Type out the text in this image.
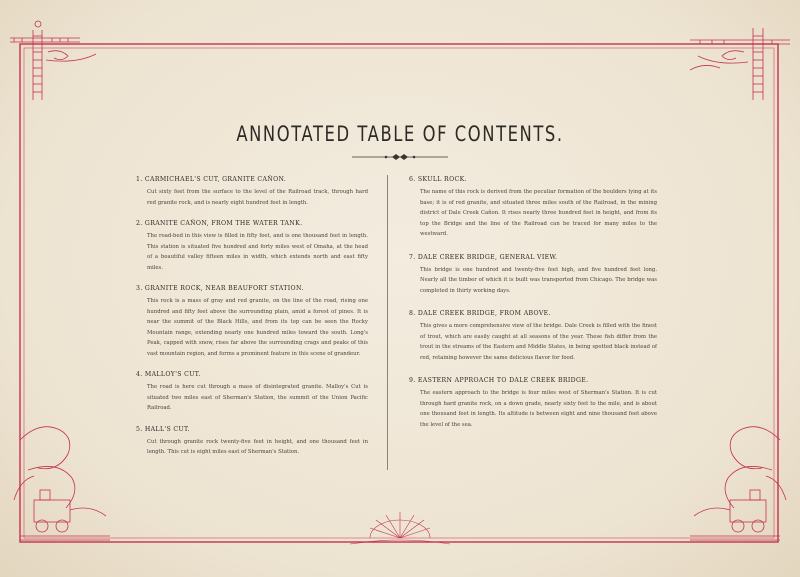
ANNOTATED TABLE OF CONTENTS.
1. CARMICHAEL'S CUT, GRANITE CAÑON.
Cut sixty feet from the surface to the level of the Railroad track, through hard red granite rock, and is nearly eight hundred feet in length.
2. GRANITE CAÑON, FROM THE WATER TANK.
The road-bed in this view is filled in fifty feet, and is one thousand feet in length. This station is situated five hundred and forty miles west of Omaha, at the head of a beautiful valley fifteen miles in width, which extends north and east fifty miles.
3. GRANITE ROCK, NEAR BEAUFORT STATION.
This rock is a mass of gray and red granite, on the line of the road, rising one hundred and fifty feet above the surrounding plain, amid a forest of pines. It is near the summit of the Black Hills, and from its top can be seen the Rocky Mountain range, extending nearly one hundred miles toward the south. Long's Peak, capped with snow, rises far above the surrounding crags and peaks of this vast mountain region, and forms a prominent feature in this scene of grandeur.
4. MALLOY'S CUT.
The road is here cut through a mass of disintegrated granite. Malloy's Cut is situated two miles east of Sherman's Station, the summit of the Union Pacific Railroad.
5. HALL'S CUT.
Cut through granite rock twenty-five feet in height, and one thousand feet in length. This cut is eight miles east of Sherman's Station.
6. SKULL ROCK.
The name of this rock is derived from the peculiar formation of the boulders lying at its base; it is of red granite, and situated three miles south of the Railroad, in the mining district of Dale Creek Cañon. It rises nearly three hundred feet in height, and from its top the Bridge and the line of the Railroad can be traced for many miles to the westward.
7. DALE CREEK BRIDGE, GENERAL VIEW.
This bridge is one hundred and twenty-five feet high, and five hundred feet long. Nearly all the timber of which it is built was transported from Chicago. The bridge was completed in thirty working days.
8. DALE CREEK BRIDGE, FROM ABOVE.
This gives a more comprehensive view of the bridge. Dale Creek is filled with the finest of trout, which are easily caught at all seasons of the year. These fish differ from the trout in the streams of the Eastern and Middle States, in being spotted black instead of red, retaining however the same delicious flavor for food.
9. EASTERN APPROACH TO DALE CREEK BRIDGE.
The eastern approach to the bridge is four miles west of Sherman's Station. It is cut through hard granite rock, on a down grade, nearly sixty feet to the mile, and is about one thousand feet in length. Its altitude is between eight and nine thousand feet above the level of the sea.
